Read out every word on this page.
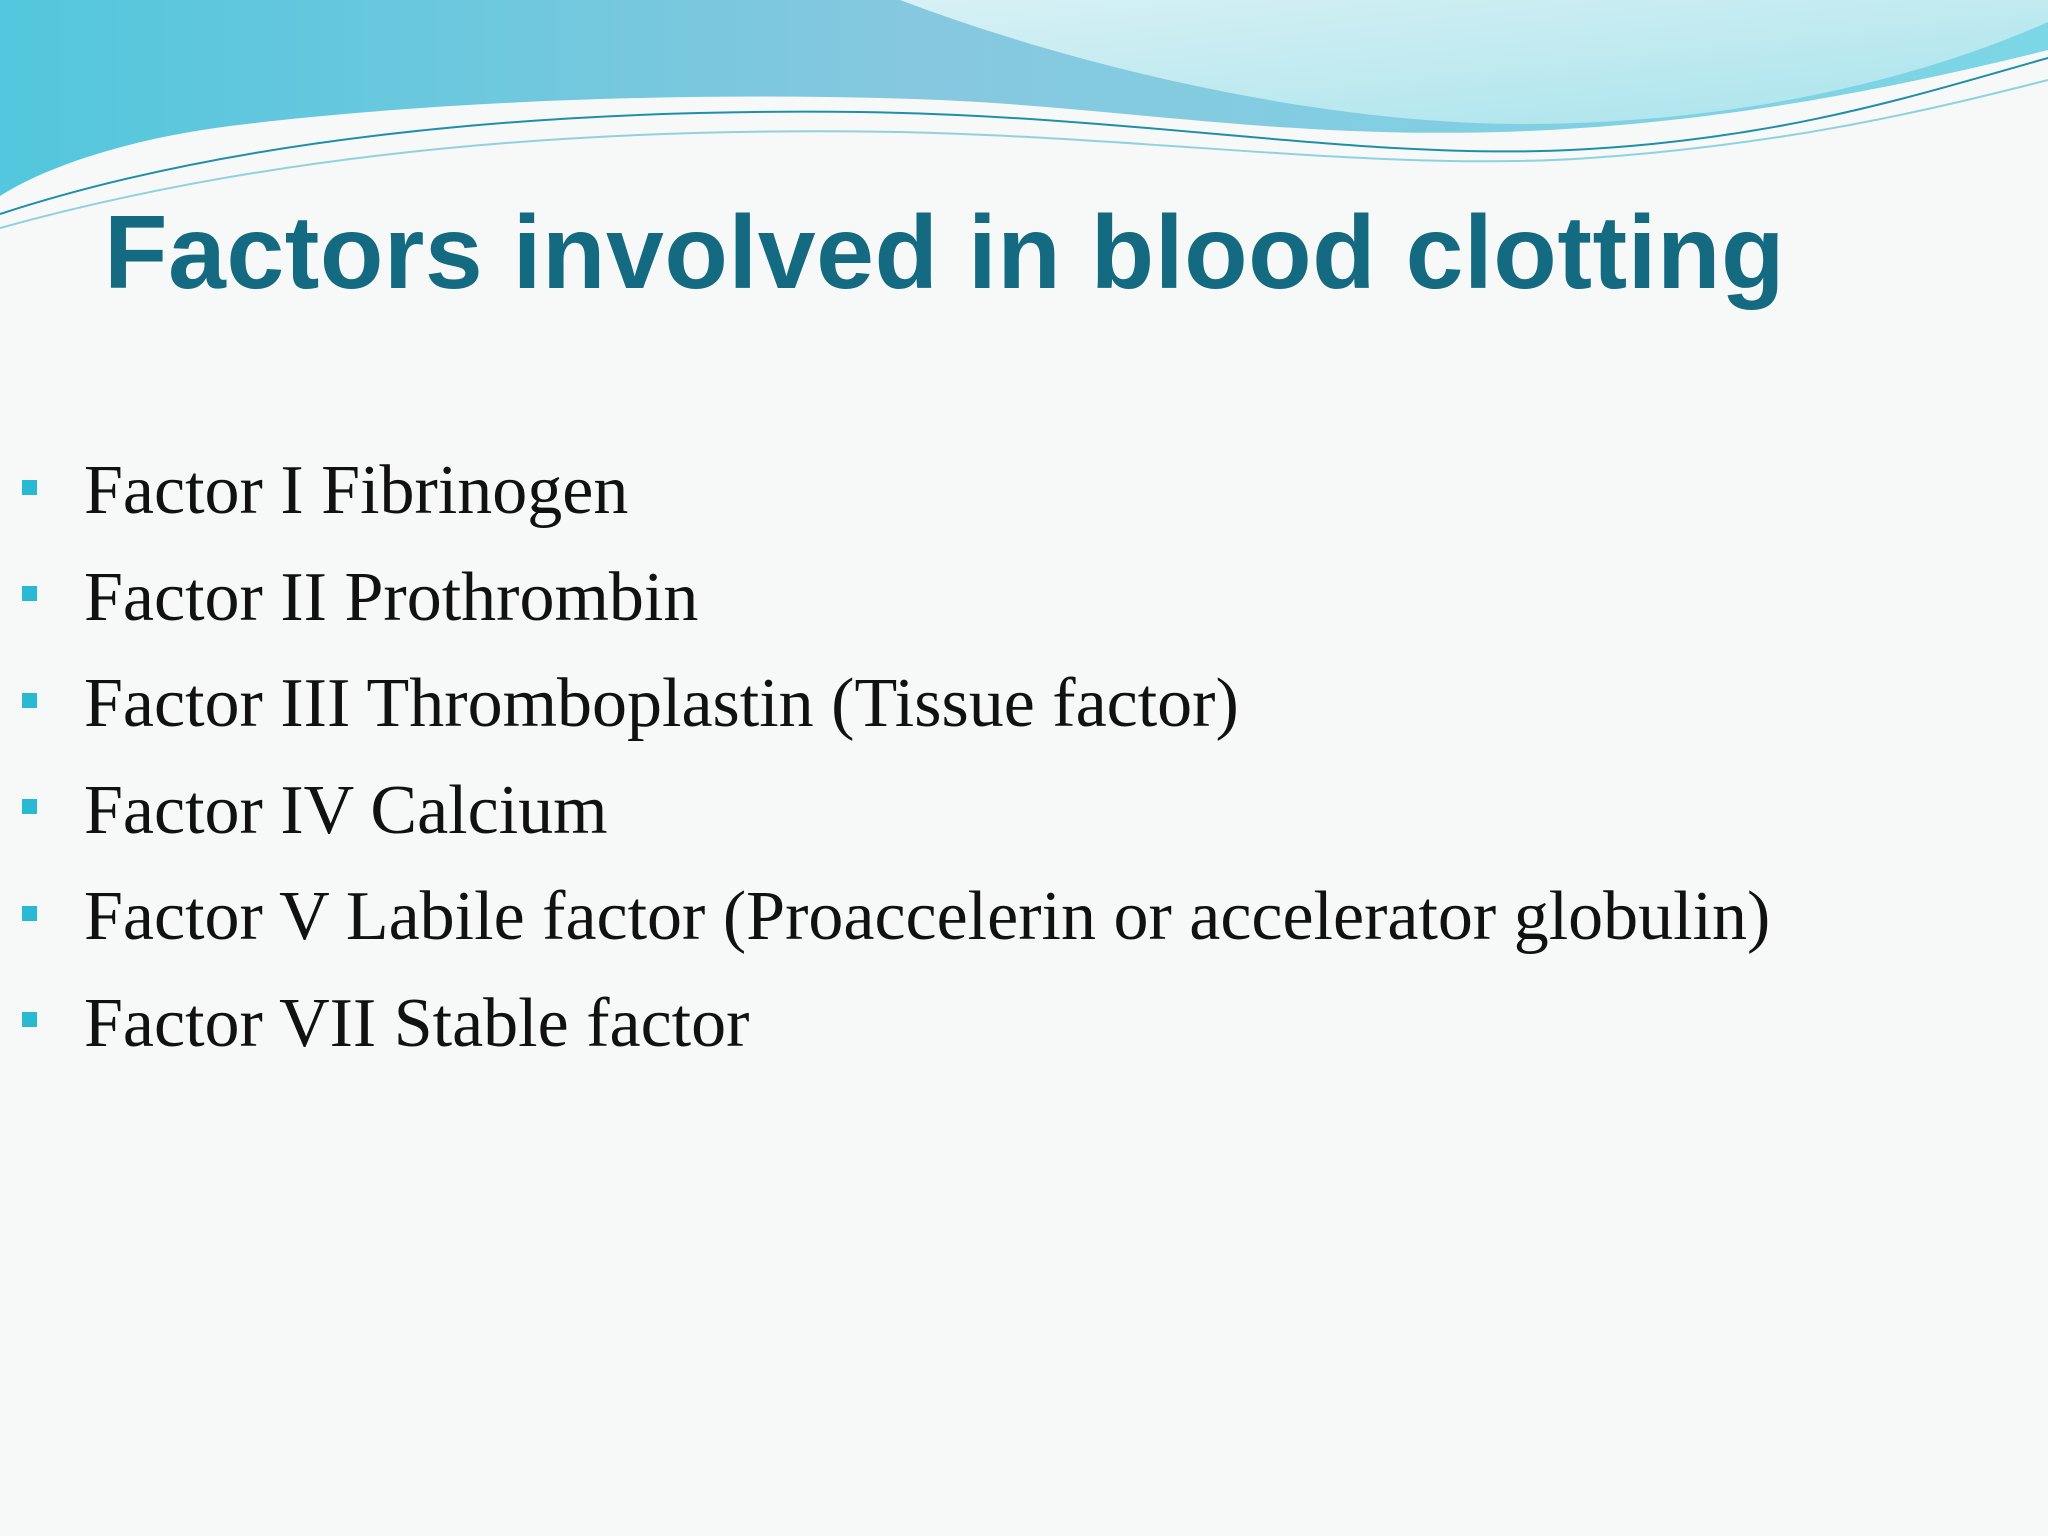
Factors involved in blood clotting
Factor I Fibrinogen
Factor II Prothrombin
Factor III Thromboplastin (Tissue factor)
Factor IV Calcium
Factor V Labile factor (Proaccelerin or accelerator globulin)
Factor VII Stable factor
